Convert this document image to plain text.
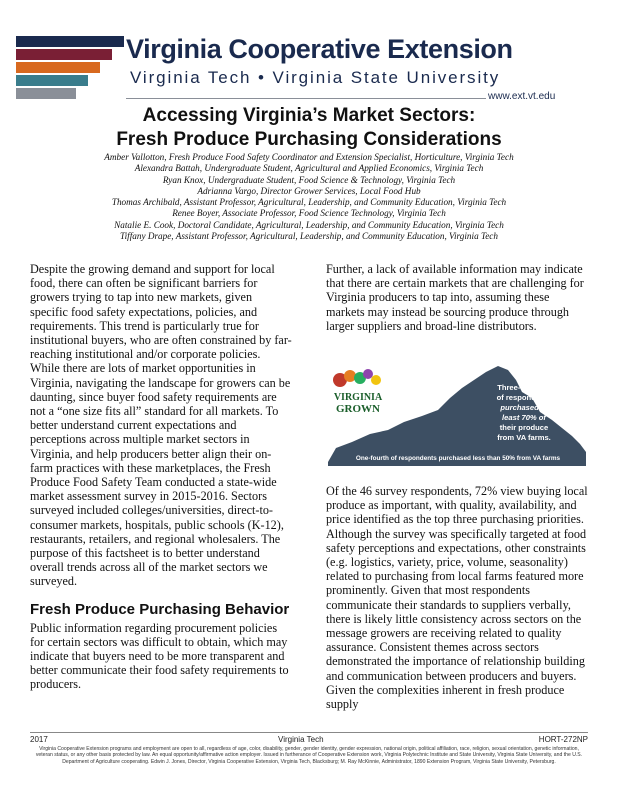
Virginia Cooperative Extension
Virginia Tech • Virginia State University
www.ext.vt.edu
Accessing Virginia’s Market Sectors:
Fresh Produce Purchasing Considerations
Amber Vallotton, Fresh Produce Food Safety Coordinator and Extension Specialist, Horticulture, Virginia Tech
Alexandra Battah, Undergraduate Student, Agricultural and Applied Economics, Virginia Tech
Ryan Knox, Undergraduate Student, Food Science & Technology, Virginia Tech
Adrianna Vargo, Director Grower Services, Local Food Hub
Thomas Archibald, Assistant Professor, Agricultural, Leadership, and Community Education, Virginia Tech
Renee Boyer, Associate Professor, Food Science Technology, Virginia Tech
Natalie E. Cook, Doctoral Candidate, Agricultural, Leadership, and Community Education, Virginia Tech
Tiffany Drape, Assistant Professor, Agricultural, Leadership, and Community Education, Virginia Tech

Despite the growing demand and support for local food, there can often be significant barriers for growers trying to tap into new markets, given specific food safety expectations, policies, and requirements. This trend is particularly true for institutional buyers, who are often constrained by far-reaching institutional and/or corporate policies. While there are lots of market opportunities in Virginia, navigating the landscape for growers can be daunting, since buyer food safety requirements are not a “one size fits all” standard for all markets. To better understand current expectations and perceptions across multiple market sectors in Virginia, and help producers better align their on-farm practices with these marketplaces, the Fresh Produce Food Safety Team conducted a state-wide market assessment survey in 2015-2016. Sectors surveyed included colleges/universities, direct-to-consumer markets, hospitals, public schools (K-12), restaurants, retailers, and regional wholesalers. The purpose of this factsheet is to better understand overall trends across all of the market sectors we surveyed.

Fresh Produce Purchasing Behavior

Public information regarding procurement policies for certain sectors was difficult to obtain, which may indicate that buyers need to be more transparent and better communicate their food safety requirements to producers.

Further, a lack of available information may indicate that there are certain markets that are challenging for Virginia producers to tap into, assuming these markets may instead be sourcing produce through larger suppliers and broad-line distributors.

VIRGINIA
GROWN
Three-quarters
of respondents
purchased at
least 70% of
their produce
from VA farms.
One-fourth of respondents purchased less than 50% from VA farms

Of the 46 survey respondents, 72% view buying local produce as important, with quality, availability, and price identified as the top three purchasing priorities. Although the survey was specifically targeted at food safety perceptions and expectations, other constraints (e.g. logistics, variety, price, volume, seasonality) related to purchasing from local farms featured more prominently. Given that most respondents communicate their standards to suppliers verbally, there is likely little consistency across sectors on the message growers are receiving related to quality assurance. Consistent themes across sectors demonstrated the importance of relationship building and communication between producers and buyers. Given the complexities inherent in fresh produce supply

2017	Virginia Tech	HORT-272NP
Virginia Cooperative Extension programs and employment are open to all, regardless of age, color, disability, gender, gender identity, gender expression, national origin, political affiliation, race, religion, sexual orientation, genetic information, veteran status, or any other basis protected by law. An equal opportunity/affirmative action employer. Issued in furtherance of Cooperative Extension work, Virginia Polytechnic Institute and State University, Virginia State University, and the U.S. Department of Agriculture cooperating. Edwin J. Jones, Director, Virginia Cooperative Extension, Virginia Tech, Blacksburg; M. Ray McKinnie, Administrator, 1890 Extension Program, Virginia State University, Petersburg.
